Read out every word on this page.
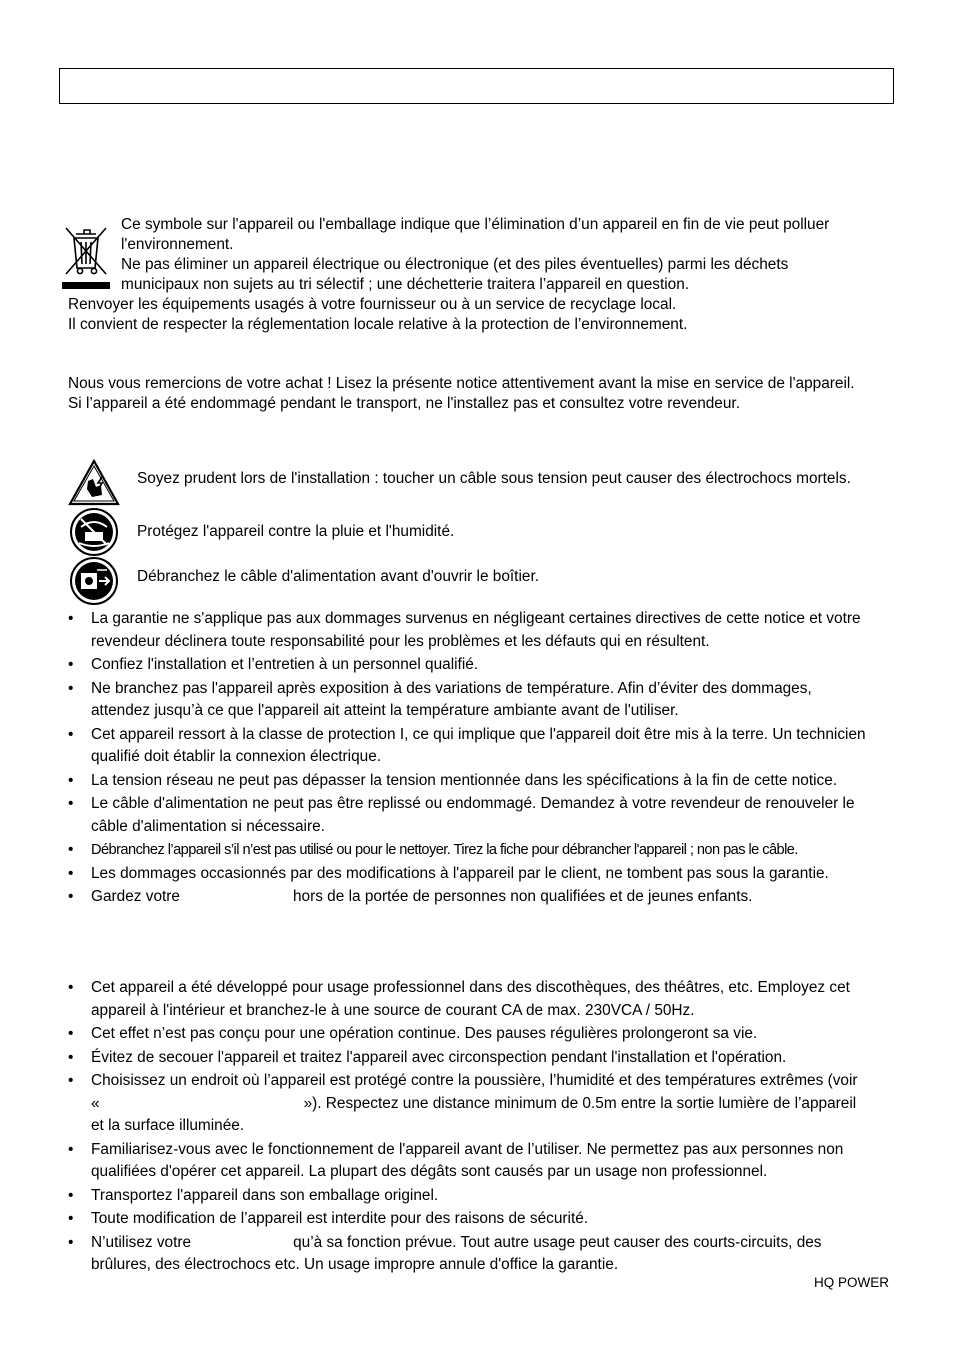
Ce symbole sur l'appareil ou l'emballage indique que l’élimination d’un appareil en fin de vie peut polluer
l'environnement.
Ne pas éliminer un appareil électrique ou électronique (et des piles éventuelles) parmi les déchets
municipaux non sujets au tri sélectif ; une déchetterie traitera l’appareil en question.
Renvoyer les équipements usagés à votre fournisseur ou à un service de recyclage local.
Il convient de respecter la réglementation locale relative à la protection de l’environnement.
Nous vous remercions de votre achat ! Lisez la présente notice attentivement avant la mise en service de l'appareil.
Si l’appareil a été endommagé pendant le transport, ne l'installez pas et consultez votre revendeur.
Soyez prudent lors de l'installation : toucher un câble sous tension peut causer des électrochocs mortels.
Protégez l'appareil contre la pluie et l'humidité.
Débranchez le câble d'alimentation avant d'ouvrir le boîtier.
• La garantie ne s'applique pas aux dommages survenus en négligeant certaines directives de cette notice et votre
revendeur déclinera toute responsabilité pour les problèmes et les défauts qui en résultent.
• Confiez l'installation et l’entretien à un personnel qualifié.
• Ne branchez pas l'appareil après exposition à des variations de température. Afin d’éviter des dommages,
attendez jusqu’à ce que l'appareil ait atteint la température ambiante avant de l'utiliser.
• Cet appareil ressort à la classe de protection I, ce qui implique que l'appareil doit être mis à la terre. Un technicien
qualifié doit établir la connexion électrique.
• La tension réseau ne peut pas dépasser la tension mentionnée dans les spécifications à la fin de cette notice.
• Le câble d'alimentation ne peut pas être replissé ou endommagé. Demandez à votre revendeur de renouveler le
câble d'alimentation si nécessaire.
•	Débranchez l’appareil s’il n’est pas utilisé ou pour le nettoyer. Tirez la fiche pour débrancher l'appareil ; non pas le câble.
• Les dommages occasionnés par des modifications à l'appareil par le client, ne tombent pas sous la garantie.
• Gardez votre	hors de la portée de personnes non qualifiées et de jeunes enfants.
• Cet appareil a été développé pour usage professionnel dans des discothèques, des théâtres, etc. Employez cet
appareil à l'intérieur et branchez-le à une source de courant CA de max. 230VCA / 50Hz.
• Cet effet n’est pas conçu pour une opération continue. Des pauses régulières prolongeront sa vie.
• Évitez de secouer l'appareil et traitez l'appareil avec circonspection pendant l'installation et l'opération.
• Choisissez un endroit où l’appareil est protégé contre la poussière, l’humidité et des températures extrêmes (voir
«	»). Respectez une distance minimum de 0.5m entre la sortie lumière de l’appareil
et la surface illuminée.
• Familiarisez-vous avec le fonctionnement de l'appareil avant de l’utiliser. Ne permettez pas aux personnes non
qualifiées d'opérer cet appareil. La plupart des dégâts sont causés par un usage non professionnel.
• Transportez l'appareil dans son emballage originel.
• Toute modification de l’appareil est interdite pour des raisons de sécurité.
• N’utilisez votre	qu’à sa fonction prévue. Tout autre usage peut causer des courts-circuits, des
brûlures, des électrochocs etc. Un usage impropre annule d'office la garantie.
HQ POWER
